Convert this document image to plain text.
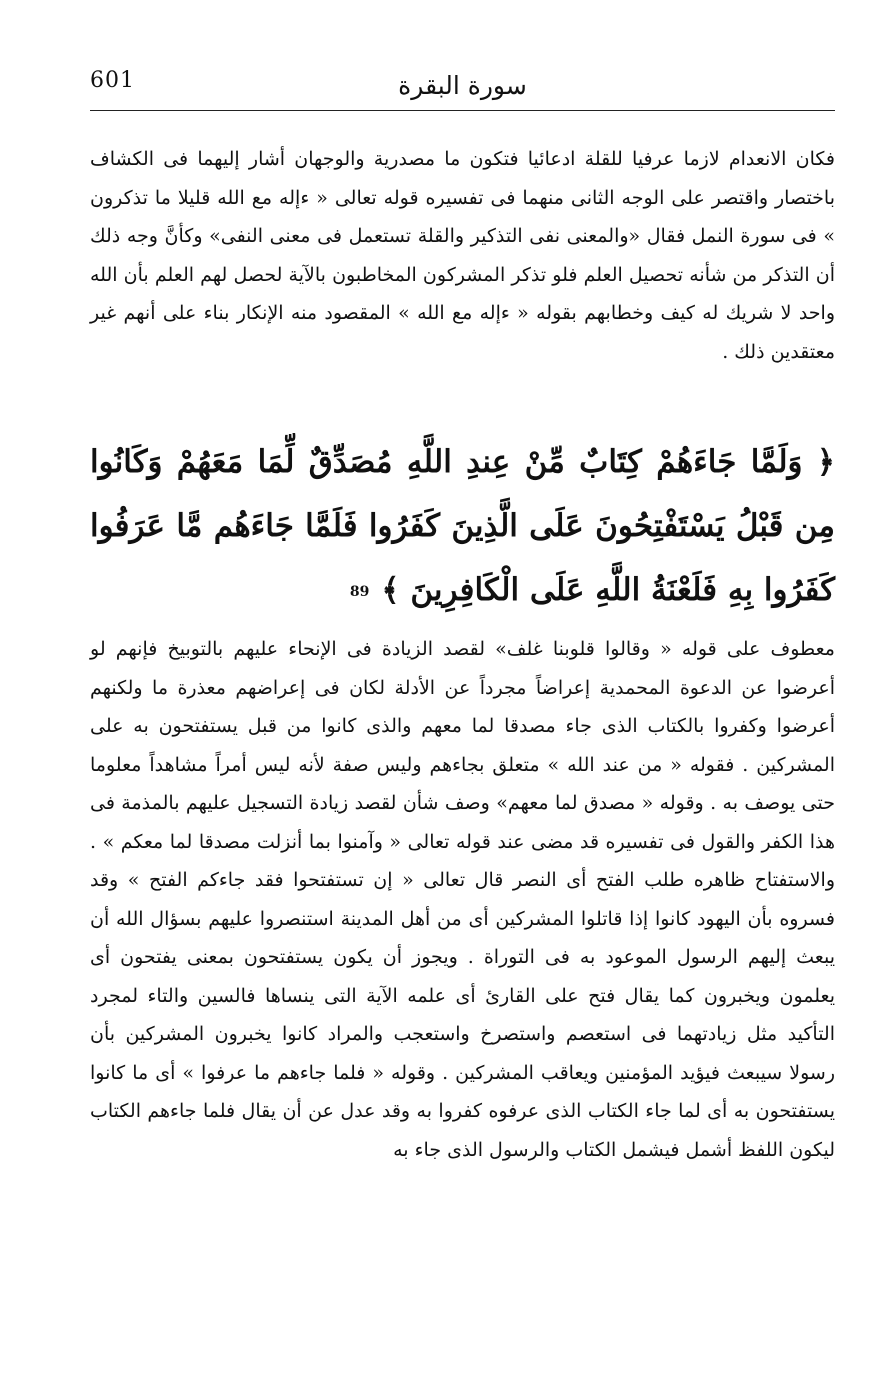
601	سورة البقرة

فكان الانعدام لازما عرفيا للقلة ادعائيا فتكون ما مصدرية والوجهان أشار إليهما فى الكشاف باختصار واقتصر على الوجه الثانى منهما فى تفسيره قوله تعالى « ءإله مع الله قليلا ما تذكرون » فى سورة النمل فقال «والمعنى نفى التذكير والقلة تستعمل فى معنى النفى» وكأنَّ وجه ذلك أن التذكر من شأنه تحصيل العلم فلو تذكر المشركون المخاطبون بالآية لحصل لهم العلم بأن الله واحد لا شريك له كيف وخطابهم بقوله « ءإله مع الله » المقصود منه الإنكار بناء على أنهم غير معتقدين ذلك .

﴿ وَلَمَّا جَاءَهُمْ كِتَابٌ مِّنْ عِندِ اللَّهِ مُصَدِّقٌ لِّمَا مَعَهُمْ وَكَانُوا مِن قَبْلُ يَسْتَفْتِحُونَ عَلَى الَّذِينَ كَفَرُوا فَلَمَّا جَاءَهُم مَّا عَرَفُوا كَفَرُوا بِهِ فَلَعْنَةُ اللَّهِ عَلَى الْكَافِرِينَ ﴾89

معطوف على قوله « وقالوا قلوبنا غلف» لقصد الزيادة فى الإنحاء عليهم بالتوبيخ فإنهم لو أعرضوا عن الدعوة المحمدية إعراضاً مجرداً عن الأدلة لكان فى إعراضهم معذرة ما ولكنهم أعرضوا وكفروا بالكتاب الذى جاء مصدقا لما معهم والذى كانوا من قبل يستفتحون به على المشركين . فقوله « من عند الله » متعلق بجاءهم وليس صفة لأنه ليس أمراً مشاهداً معلوما حتى يوصف به . وقوله « مصدق لما معهم» وصف شأن لقصد زيادة التسجيل عليهم بالمذمة فى هذا الكفر والقول فى تفسيره قد مضى عند قوله تعالى « وآمنوا بما أنزلت مصدقا لما معكم » . والاستفتاح ظاهره طلب الفتح أى النصر قال تعالى « إن تستفتحوا فقد جاءكم الفتح » وقد فسروه بأن اليهود كانوا إذا قاتلوا المشركين أى من أهل المدينة استنصروا عليهم بسؤال الله أن يبعث إليهم الرسول الموعود به فى التوراة . ويجوز أن يكون يستفتحون بمعنى يفتحون أى يعلمون ويخبرون كما يقال فتح على القارئ أى علمه الآية التى ينساها فالسين والتاء لمجرد التأكيد مثل زيادتهما فى استعصم واستصرخ واستعجب والمراد كانوا يخبرون المشركين بأن رسولا سيبعث فيؤيد المؤمنين ويعاقب المشركين . وقوله « فلما جاءهم ما عرفوا » أى ما كانوا يستفتحون به أى لما جاء الكتاب الذى عرفوه كفروا به وقد عدل عن أن يقال فلما جاءهم الكتاب ليكون اللفظ أشمل فيشمل الكتاب والرسول الذى جاء به
